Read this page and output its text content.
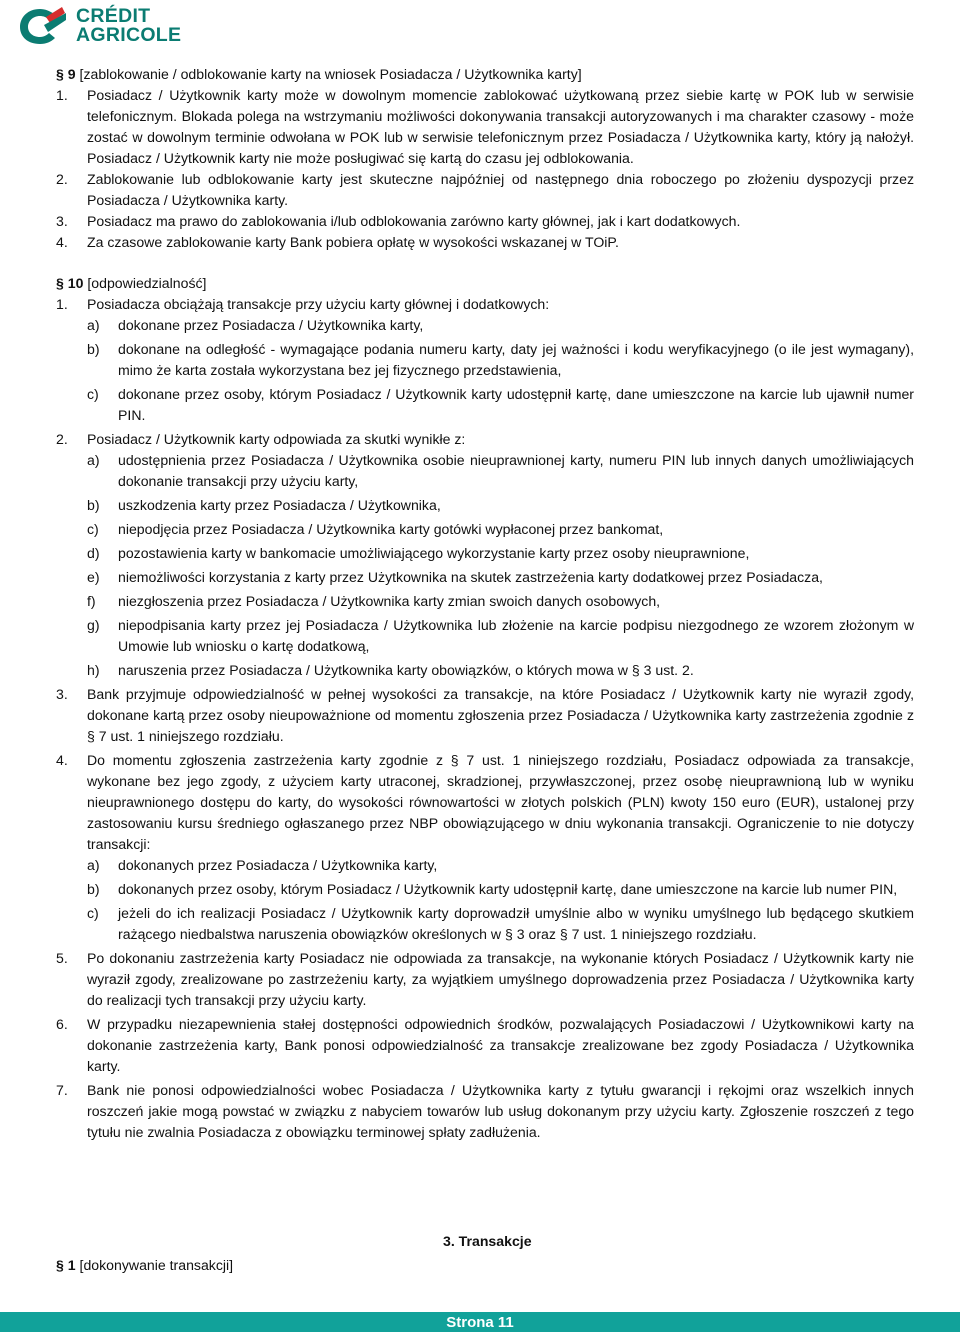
CRÉDIT
AGRICOLE

§ 9 [zablokowanie / odblokowanie karty na wniosek Posiadacza / Użytkownika karty]

1.	Posiadacz / Użytkownik karty może w dowolnym momencie zablokować użytkowaną przez siebie kartę w POK lub w serwisie telefonicznym. Blokada polega na wstrzymaniu możliwości dokonywania transakcji autoryzowanych i ma charakter czasowy - może zostać w dowolnym terminie odwołana w POK lub w serwisie telefonicznym przez Posiadacza / Użytkownika karty, który ją nałożył. Posiadacz / Użytkownik karty nie może posługiwać się kartą do czasu jej odblokowania.
2.	Zablokowanie lub odblokowanie karty jest skuteczne najpóźniej od następnego dnia roboczego po złożeniu dyspozycji przez Posiadacza / Użytkownika karty.
3.	Posiadacz ma prawo do zablokowania i/lub odblokowania zarówno karty głównej, jak i kart dodatkowych.
4.	Za czasowe zablokowanie karty Bank pobiera opłatę w wysokości wskazanej w TOiP.

§ 10 [odpowiedzialność]

1.	Posiadacza obciążają transakcje przy użyciu karty głównej i dodatkowych:
a)	dokonane przez Posiadacza / Użytkownika karty,
b)	dokonane na odległość - wymagające podania numeru karty, daty jej ważności i kodu weryfikacyjnego (o ile jest wymagany), mimo że karta została wykorzystana bez jej fizycznego przedstawienia,
c)	dokonane przez osoby, którym Posiadacz / Użytkownik karty udostępnił kartę, dane umieszczone na karcie lub ujawnił numer PIN.
2.	Posiadacz / Użytkownik karty odpowiada za skutki wynikłe z:
a)	udostępnienia przez Posiadacza / Użytkownika osobie nieuprawnionej karty, numeru PIN lub innych danych umożliwiających dokonanie transakcji przy użyciu karty,
b)	uszkodzenia karty przez Posiadacza / Użytkownika,
c)	niepodjęcia przez Posiadacza / Użytkownika karty gotówki wypłaconej przez bankomat,
d)	pozostawienia karty w bankomacie umożliwiającego wykorzystanie karty przez osoby nieuprawnione,
e)	niemożliwości korzystania z karty przez Użytkownika na skutek zastrzeżenia karty dodatkowej przez Posiadacza,
f)	niezgłoszenia przez Posiadacza / Użytkownika karty zmian swoich danych osobowych,
g)	niepodpisania karty przez jej Posiadacza / Użytkownika lub złożenie na karcie podpisu niezgodnego ze wzorem złożonym w Umowie lub wniosku o kartę dodatkową,
h)	naruszenia przez Posiadacza / Użytkownika karty obowiązków, o których mowa w § 3 ust. 2.
3.	Bank przyjmuje odpowiedzialność w pełnej wysokości za transakcje, na które Posiadacz / Użytkownik karty nie wyraził zgody, dokonane kartą przez osoby nieupoważnione od momentu zgłoszenia przez Posiadacza / Użytkownika karty zastrzeżenia zgodnie z § 7 ust. 1 niniejszego rozdziału.
4.	Do momentu zgłoszenia zastrzeżenia karty zgodnie z § 7 ust. 1 niniejszego rozdziału, Posiadacz odpowiada za transakcje, wykonane bez jego zgody, z użyciem karty utraconej, skradzionej, przywłaszczonej, przez osobę nieuprawnioną lub w wyniku nieuprawnionego dostępu do karty, do wysokości równowartości w złotych polskich (PLN) kwoty 150 euro (EUR), ustalonej przy zastosowaniu kursu średniego ogłaszanego przez NBP obowiązującego w dniu wykonania transakcji. Ograniczenie to nie dotyczy transakcji:
a)	dokonanych przez Posiadacza / Użytkownika karty,
b)	dokonanych przez osoby, którym Posiadacz / Użytkownik karty udostępnił kartę, dane umieszczone na karcie lub numer PIN,
c)	jeżeli do ich realizacji Posiadacz / Użytkownik karty doprowadził umyślnie albo w wyniku umyślnego lub będącego skutkiem rażącego niedbalstwa naruszenia obowiązków określonych w § 3 oraz § 7 ust. 1 niniejszego rozdziału.
5.	Po dokonaniu zastrzeżenia karty Posiadacz nie odpowiada za transakcje, na wykonanie których Posiadacz / Użytkownik karty nie wyraził zgody, zrealizowane po zastrzeżeniu karty, za wyjątkiem umyślnego doprowadzenia przez Posiadacza / Użytkownika karty do realizacji tych transakcji przy użyciu karty.
6.	W przypadku niezapewnienia stałej dostępności odpowiednich środków, pozwalających Posiadaczowi / Użytkownikowi karty na dokonanie zastrzeżenia karty, Bank ponosi odpowiedzialność za transakcje zrealizowane bez zgody Posiadacza / Użytkownika karty.
7.	Bank nie ponosi odpowiedzialności wobec Posiadacza / Użytkownika karty z tytułu gwarancji i rękojmi oraz wszelkich innych roszczeń jakie mogą powstać w związku z nabyciem towarów lub usług dokonanym przy użyciu karty. Zgłoszenie roszczeń z tego tytułu nie zwalnia Posiadacza z obowiązku terminowej spłaty zadłużenia.
3. Transakcje

§ 1 [dokonywanie transakcji]

Strona 11
